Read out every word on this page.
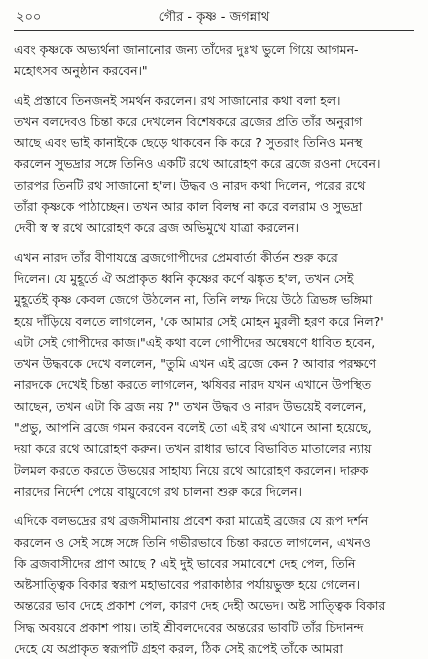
২০০	গৌর - কৃষ্ণ - জগন্নাথ

এবং কৃষ্ণকে অভ্যর্থনা জানানোর জন্য তাঁদের দুঃখ ভুলে গিয়ে আগমন-
মহোৎসব অনুষ্ঠান করবেন।"

এই প্রস্তাবে তিনজনই সমর্থন করলেন। রথ সাজানোর কথা বলা হল।
তখন বলদেবও চিন্তা করে দেখলেন বিশেষকরে ব্রজের প্রতি তাঁর অনুরাগ
আছে এবং ভাই কানাইকে ছেড়ে থাকবেন কি করে ? সুতরাং তিনিও মনস্থ
করলেন সুভদ্রার সঙ্গে তিনিও একটি রথে আরোহণ করে ব্রজে রওনা দেবেন।
তারপর তিনটি রথ সাজানো হ'ল। উদ্ধব ও নারদ কথা দিলেন, পরের রথে
তাঁরা কৃষ্ণকে পাঠাচ্ছেন। তখন আর কাল বিলম্ব না করে বলরাম ও সুভদ্রা
দেবী স্ব স্ব রথে আরোহণ করে ব্রজ অভিমুখে যাত্রা করলেন।

এখন নারদ তাঁর বীণাযন্ত্রে ব্রজগোপীদের প্রেমবার্তা কীর্তন শুরু করে
দিলেন। যে মুহূর্তে ঐ অপ্রাকৃত ধ্বনি কৃষ্ণের কর্ণে ঝঙ্কৃত হ'ল, তখন সেই
মুহূর্তেই কৃষ্ণ কেবল জেগে উঠলেন না, তিনি লম্ফ দিয়ে উঠে ত্রিভঙ্গ ভঙ্গিমা
হয়ে দাঁড়িয়ে বলতে লাগলেন, 'কে আমার সেই মোহন মুরলী হরণ করে নিল?'
এটা সেই গোপীদের কাজ।"এই কথা বলে গোপীদের অন্বেষণে ধাবিত হবেন,
তখন উদ্ধবকে দেখে বললেন, "তুমি এখন এই ব্রজে কেন ? আবার পরক্ষণে
নারদকে দেখেই চিন্তা করতে লাগলেন, ঋষিবর নারদ যখন এখানে উপস্থিত
আছেন, তখন এটা কি ব্রজ নয় ?" তখন উদ্ধব ও নারদ উভয়েই বললেন,
"প্রভু, আপনি ব্রজে গমন করবেন বলেই তো এই রথ এখানে আনা হয়েছে,
দয়া করে রথে আরোহণ করুন। তখন রাধার ভাবে বিভাবিত মাতালের ন্যায়
টলমল করতে করতে উভয়ের সাহায্য নিয়ে রথে আরোহণ করলেন। দারুক
নারদের নির্দেশ পেয়ে বায়ুবেগে রথ চালনা শুরু করে দিলেন।

এদিকে বলভদ্রের রথ ব্রজসীমানায় প্রবেশ করা মাত্রেই ব্রজের যে রূপ দর্শন
করলেন ও সেই সঙ্গে সঙ্গে তিনি গভীরভাবে চিন্তা করতে লাগলেন, এখনও
কি ব্রজবাসীদের প্রাণ আছে ? এই দুই ভাবের সমাবেশে দেহ পেল, তিনি
অষ্টসাত্ত্বিক বিকার স্বরূপ মহাভাবের পরাকাষ্ঠার পর্যায়ভুক্ত হয়ে গেলেন।
অন্তরের ভাব দেহে প্রকাশ পেল, কারণ দেহ দেহী অভেদ। অষ্ট সাত্ত্বিক বিকার
সিদ্ধ অবয়বে প্রকাশ পায়। তাই শ্রীবলদেবের অন্তরের ভাবটি তাঁর চিদানন্দ
দেহে যে অপ্রাকৃত স্বরূপটি গ্রহণ করল, ঠিক সেই রূপেই তাঁকে আমরা
